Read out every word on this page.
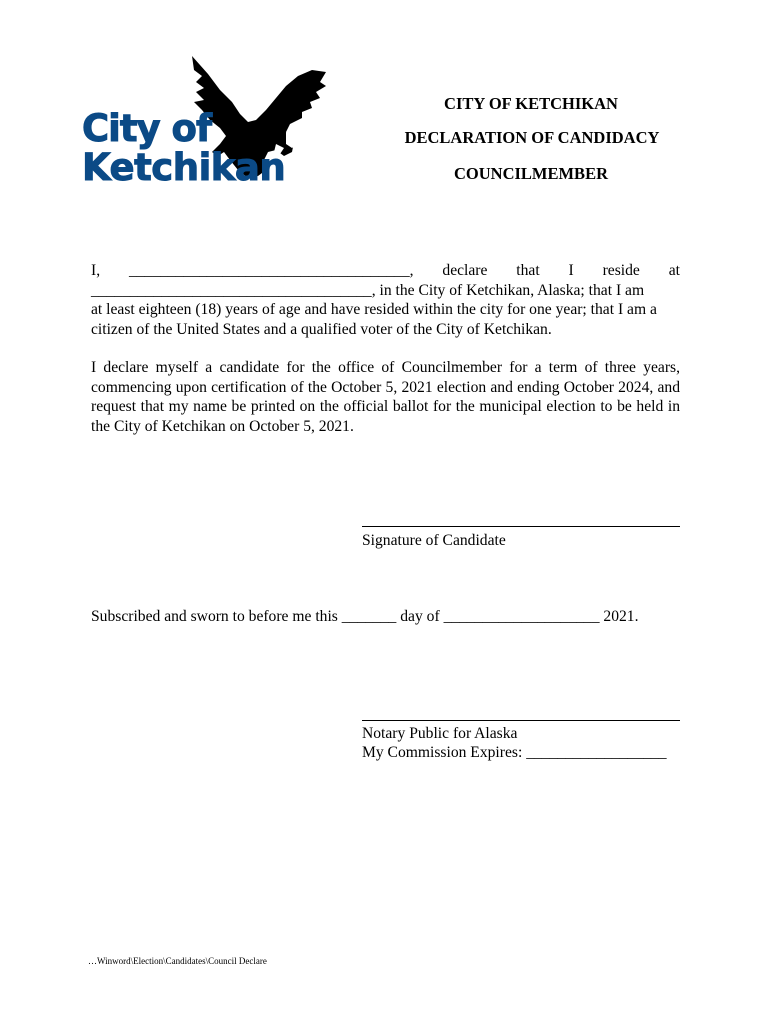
City of
Ketchikan
CITY OF KETCHIKAN
DECLARATION OF CANDIDACY
COUNCILMEMBER
I, ____________________________________, declare that I reside at
____________________________________, in the City of Ketchikan, Alaska; that I am
at least eighteen (18) years of age and have resided within the city for one year; that I am a
citizen of the United States and a qualified voter of the City of Ketchikan.
I declare myself a candidate for the office of Councilmember for a term of three years, commencing upon certification of the October 5, 2021 election and ending October 2024, and request that my name be printed on the official ballot for the municipal election to be held in the City of Ketchikan on October 5, 2021.
Signature of Candidate
Subscribed and sworn to before me this _______ day of ____________________ 2021.
Notary Public for Alaska
My Commission Expires: __________________
…Winword\Election\Candidates\Council Declare
